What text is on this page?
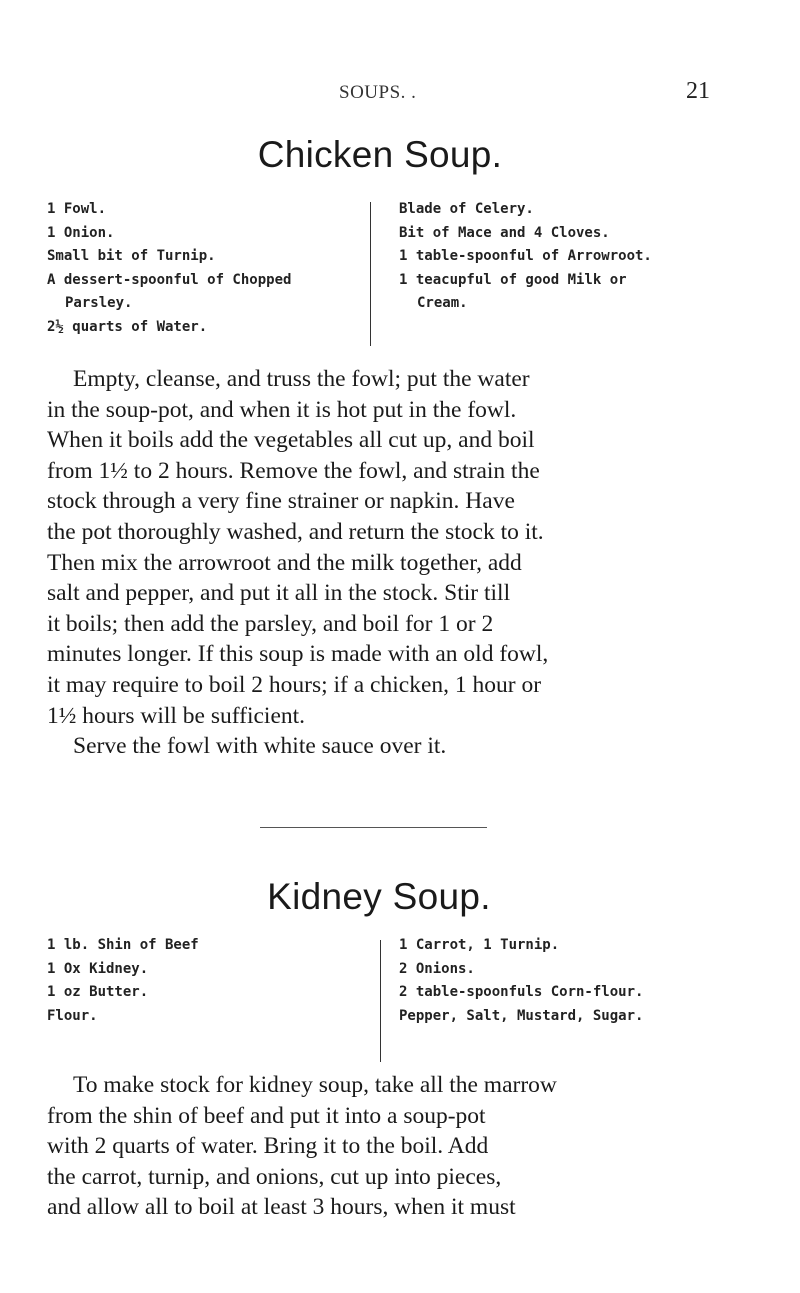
SOUPS. .	21
Chicken Soup.
1 Fowl.
1 Onion.
Small bit of Turnip.
A dessert-spoonful of Chopped
Parsley.
2½ quarts of Water.
Blade of Celery.
Bit of Mace and 4 Cloves.
1 table-spoonful of Arrowroot.
1 teacupful of good Milk or
Cream.
Empty, cleanse, and truss the fowl; put the water
in the soup-pot, and when it is hot put in the fowl.
When it boils add the vegetables all cut up, and boil
from 1½ to 2 hours. Remove the fowl, and strain the
stock through a very fine strainer or napkin. Have
the pot thoroughly washed, and return the stock to it.
Then mix the arrowroot and the milk together, add
salt and pepper, and put it all in the stock. Stir till
it boils; then add the parsley, and boil for 1 or 2
minutes longer. If this soup is made with an old fowl,
it may require to boil 2 hours; if a chicken, 1 hour or
1½ hours will be sufficient.
Serve the fowl with white sauce over it.
Kidney Soup.
1 lb. Shin of Beef
1 Ox Kidney.
1 oz Butter.
Flour.
1 Carrot, 1 Turnip.
2 Onions.
2 table-spoonfuls Corn-flour.
Pepper, Salt, Mustard, Sugar.
To make stock for kidney soup, take all the marrow
from the shin of beef and put it into a soup-pot
with 2 quarts of water. Bring it to the boil. Add
the carrot, turnip, and onions, cut up into pieces,
and allow all to boil at least 3 hours, when it must
